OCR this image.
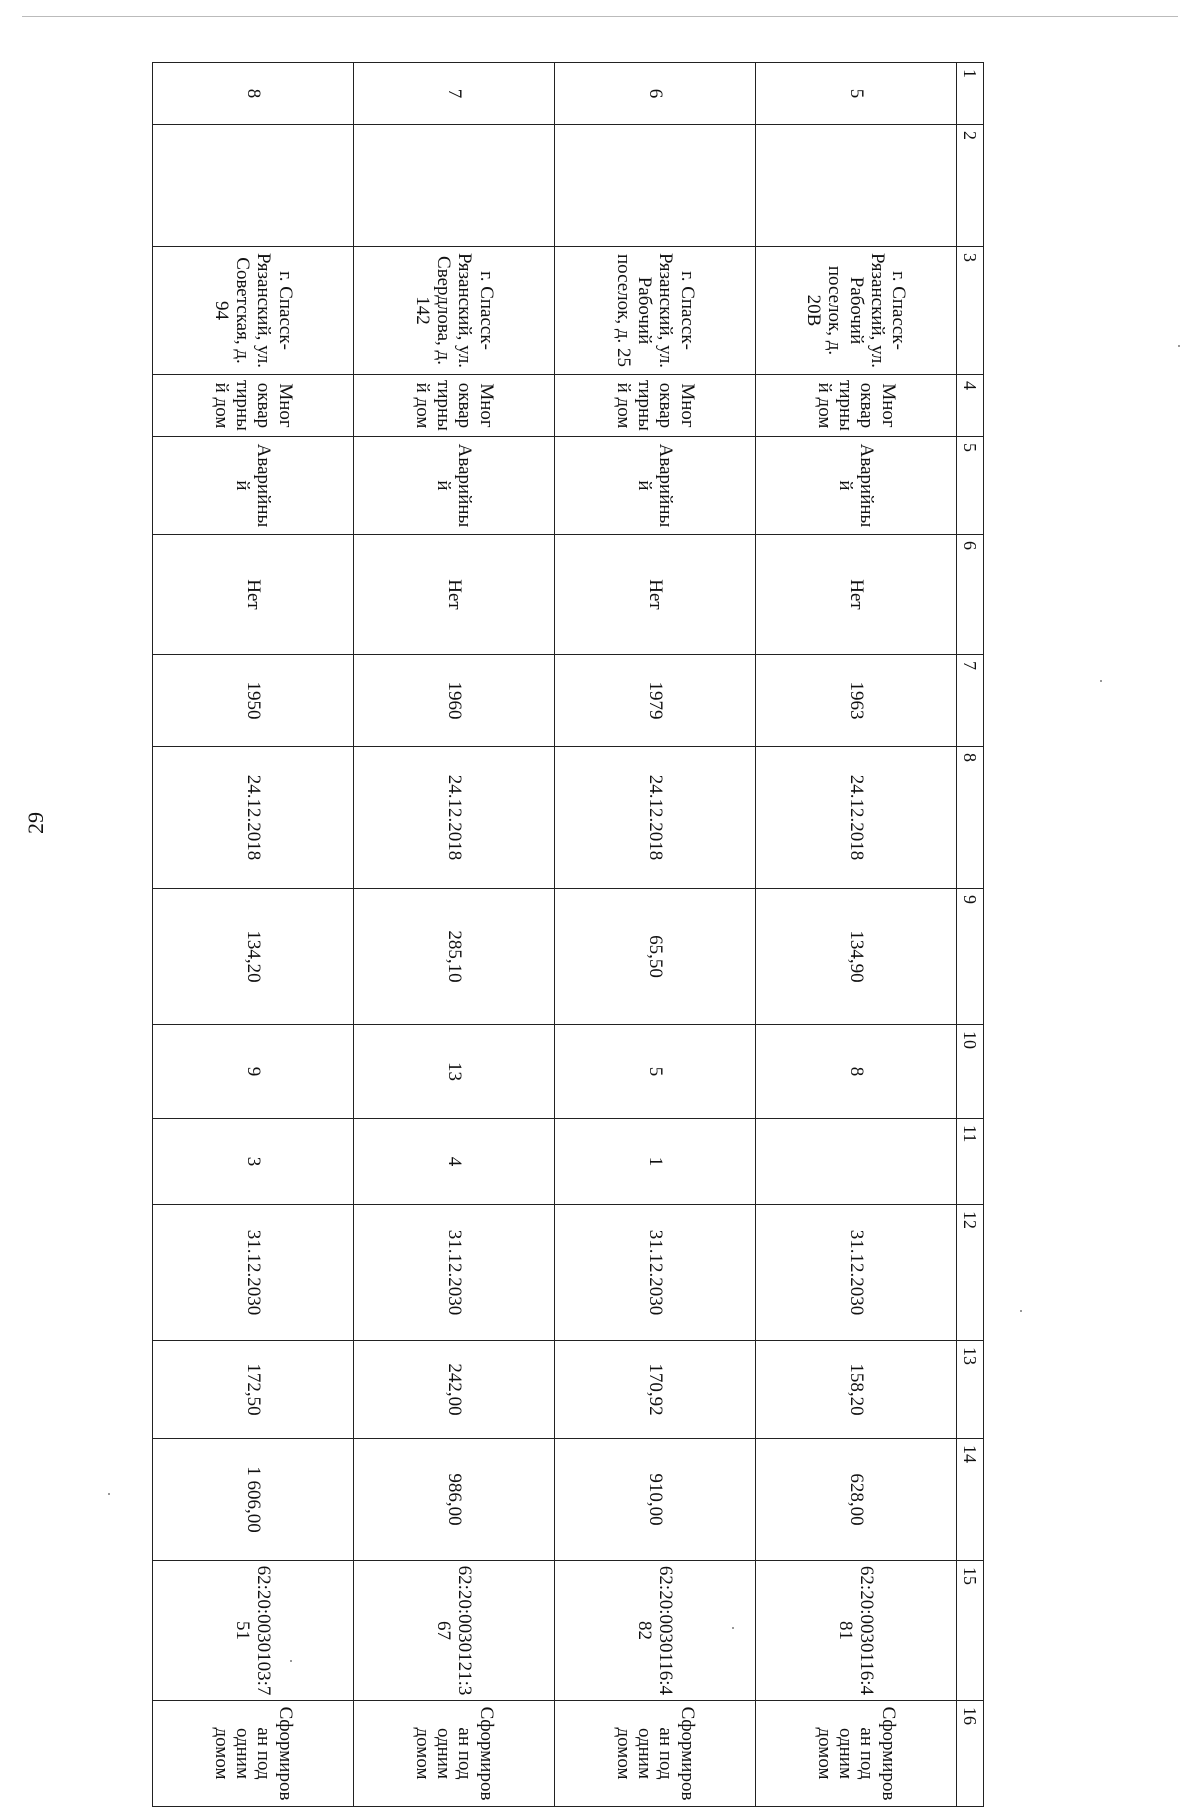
29
1	2	3	4	5	6	7	8	9	10	11	12	13	14	15	16
5		г. Спасск-Рязанский, ул. Рабочий поселок, д. 20В	Многоквартирный дом	Аварийный	Нет	1963	24.12.2018	134,90	8		31.12.2030	158,20	628,00	62:20:0030116:481	Сформирован под одним домом
6		г. Спасск-Рязанский, ул. Рабочий поселок, д. 25	Многоквартирный дом	Аварийный	Нет	1979	24.12.2018	65,50	5	1	31.12.2030	170,92	910,00	62:20:0030116:482	Сформирован под одним домом
7		г. Спасск-Рязанский, ул. Свердлова, д. 142	Многоквартирный дом	Аварийный	Нет	1960	24.12.2018	285,10	13	4	31.12.2030	242,00	986,00	62:20:0030121:367	Сформирован под одним домом
8		г. Спасск-Рязанский, ул. Советская, д. 94	Многоквартирный дом	Аварийный	Нет	1950	24.12.2018	134,20	9	3	31.12.2030	172,50	1 606,00	62:20:0030103:751	Сформирован под одним домом
